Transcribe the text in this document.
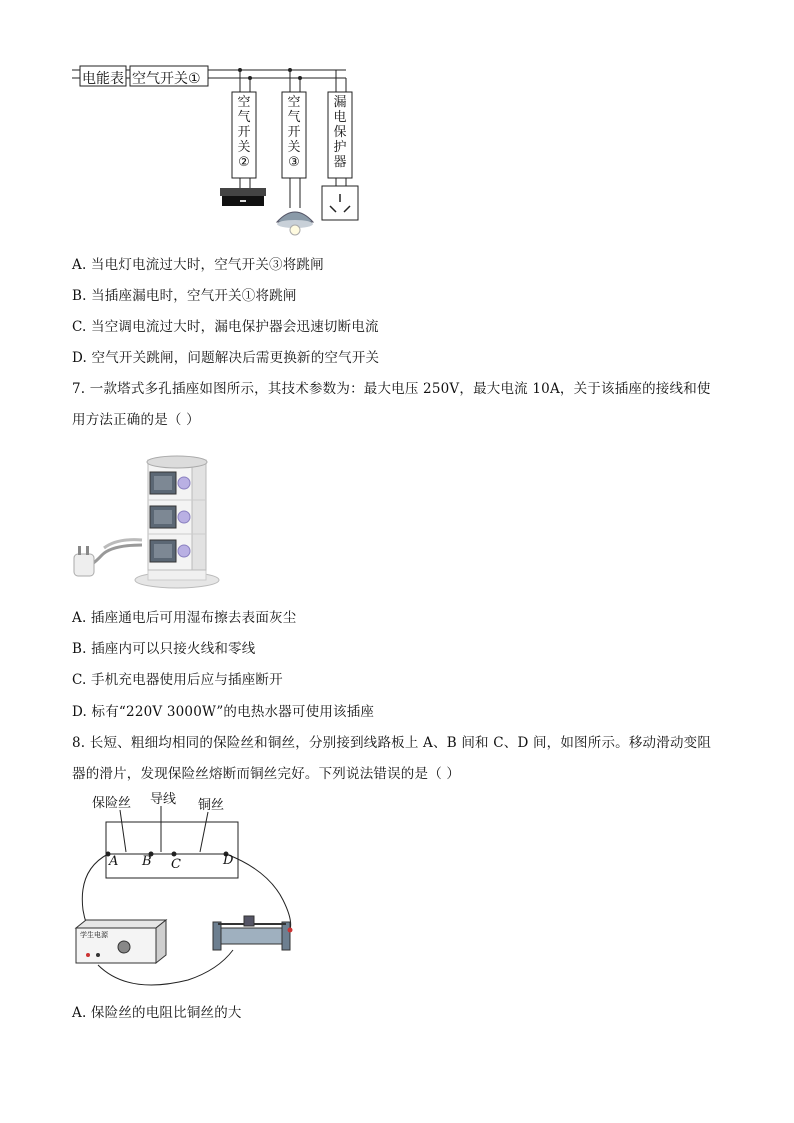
电能表 空气开关①
空
气
开
关
②
空
气
开
关
③
漏
电
保
护
器
A. 当电灯电流过大时，空气开关③将跳闸
B. 当插座漏电时，空气开关①将跳闸
C. 当空调电流过大时，漏电保护器会迅速切断电流
D. 空气开关跳闸，问题解决后需更换新的空气开关
7. 一款塔式多孔插座如图所示，其技术参数为：最大电压 250V，最大电流 10A，关于该插座的接线和使
用方法正确的是（ ）
A. 插座通电后可用湿布擦去表面灰尘
B. 插座内可以只接火线和零线
C. 手机充电器使用后应与插座断开
D. 标有“220V 3000W”的电热水器可使用该插座
8. 长短、粗细均相同的保险丝和铜丝，分别接到线路板上 A、B 间和 C、D 间，如图所示。移动滑动变阻
器的滑片，发现保险丝熔断而铜丝完好。下列说法错误的是（ ）
保险丝 导线 铜丝
A B C	D
学生电源
A. 保险丝的电阻比铜丝的大
